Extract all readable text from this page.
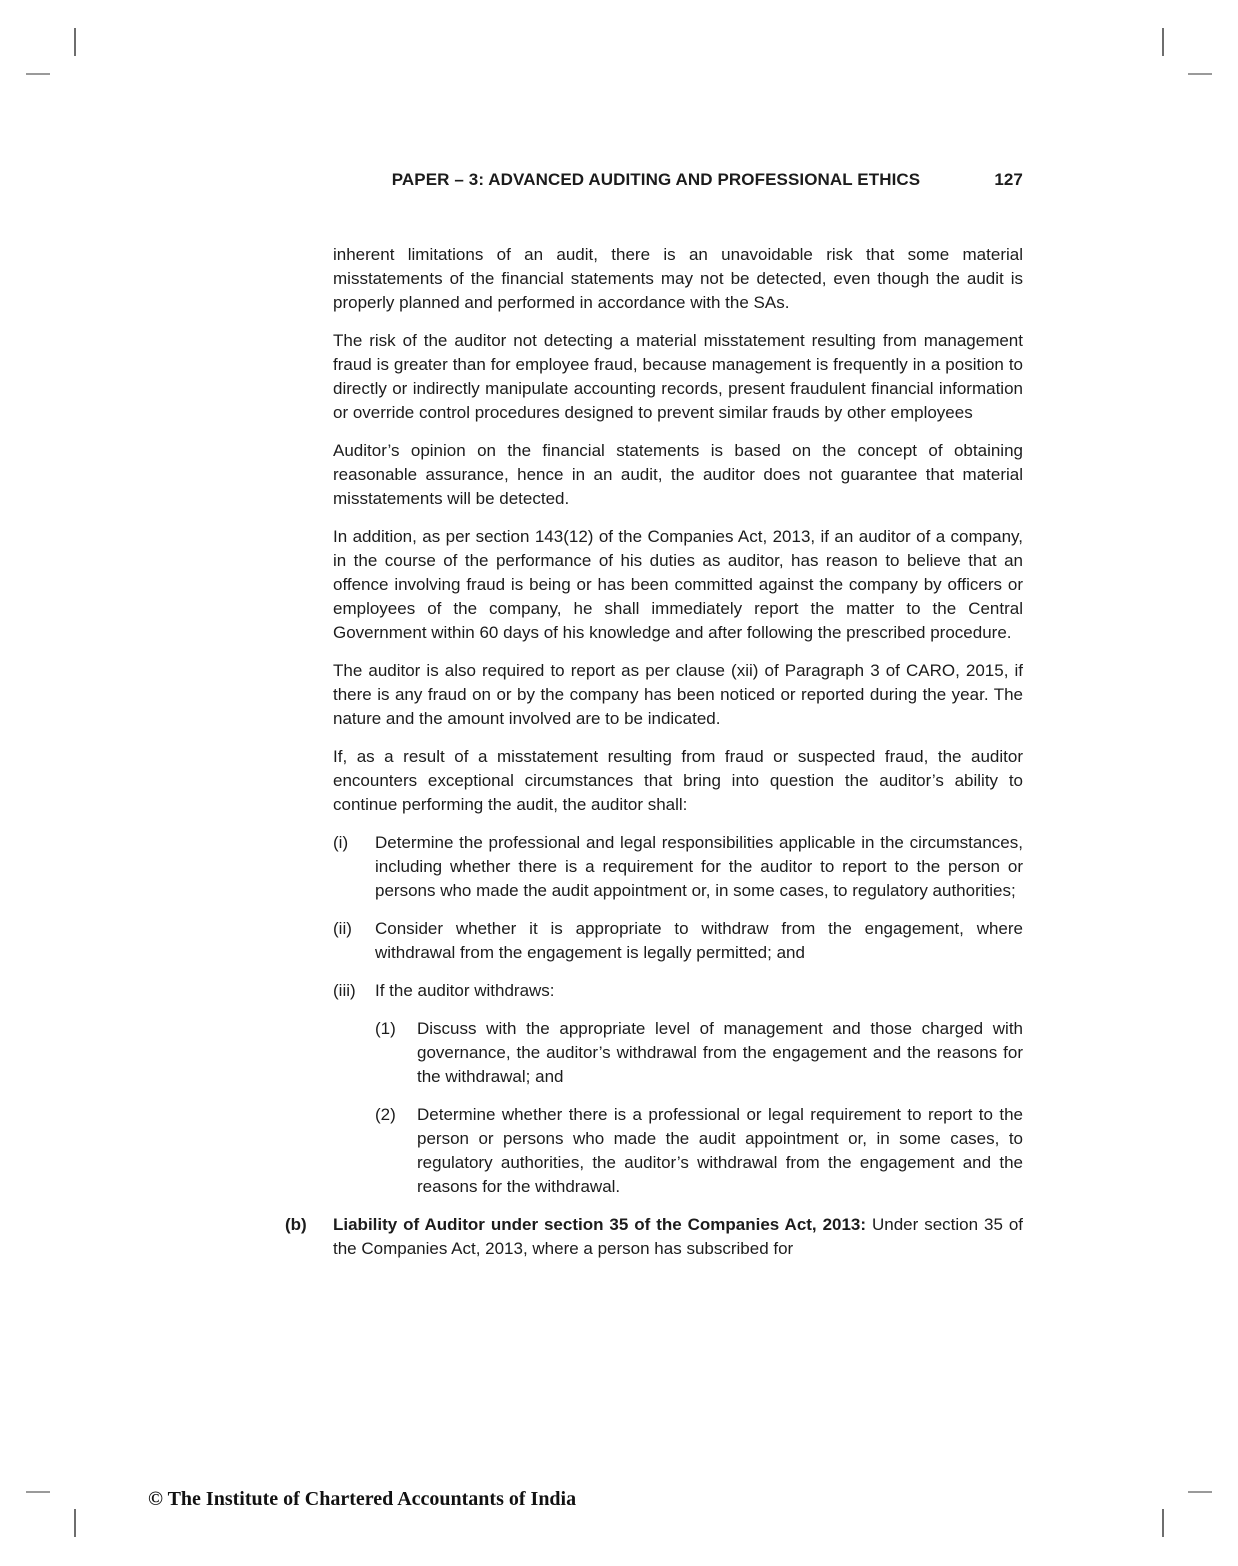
PAPER – 3: ADVANCED AUDITING AND PROFESSIONAL ETHICS	127

inherent limitations of an audit, there is an unavoidable risk that some material misstatements of the financial statements may not be detected, even though the audit is properly planned and performed in accordance with the SAs.

The risk of the auditor not detecting a material misstatement resulting from management fraud is greater than for employee fraud, because management is frequently in a position to directly or indirectly manipulate accounting records, present fraudulent financial information or override control procedures designed to prevent similar frauds by other employees

Auditor’s opinion on the financial statements is based on the concept of obtaining reasonable assurance, hence in an audit, the auditor does not guarantee that material misstatements will be detected.

In addition, as per section 143(12) of the Companies Act, 2013, if an auditor of a company, in the course of the performance of his duties as auditor, has reason to believe that an offence involving fraud is being or has been committed against the company by officers or employees of the company, he shall immediately report the matter to the Central Government within 60 days of his knowledge and after following the prescribed procedure.

The auditor is also required to report as per clause (xii) of Paragraph 3 of CARO, 2015, if there is any fraud on or by the company has been noticed or reported during the year. The nature and the amount involved are to be indicated.

If, as a result of a misstatement resulting from fraud or suspected fraud, the auditor encounters exceptional circumstances that bring into question the auditor’s ability to continue performing the audit, the auditor shall:

(i)	Determine the professional and legal responsibilities applicable in the circumstances, including whether there is a requirement for the auditor to report to the person or persons who made the audit appointment or, in some cases, to regulatory authorities;
(ii)	Consider whether it is appropriate to withdraw from the engagement, where withdrawal from the engagement is legally permitted; and
(iii)	If the auditor withdraws:
(1)	Discuss with the appropriate level of management and those charged with governance, the auditor’s withdrawal from the engagement and the reasons for the withdrawal; and
(2)	Determine whether there is a professional or legal requirement to report to the person or persons who made the audit appointment or, in some cases, to regulatory authorities, the auditor’s withdrawal from the engagement and the reasons for the withdrawal.
(b)	Liability of Auditor under section 35 of the Companies Act, 2013: Under section 35 of the Companies Act, 2013, where a person has subscribed for
© The Institute of Chartered Accountants of India
